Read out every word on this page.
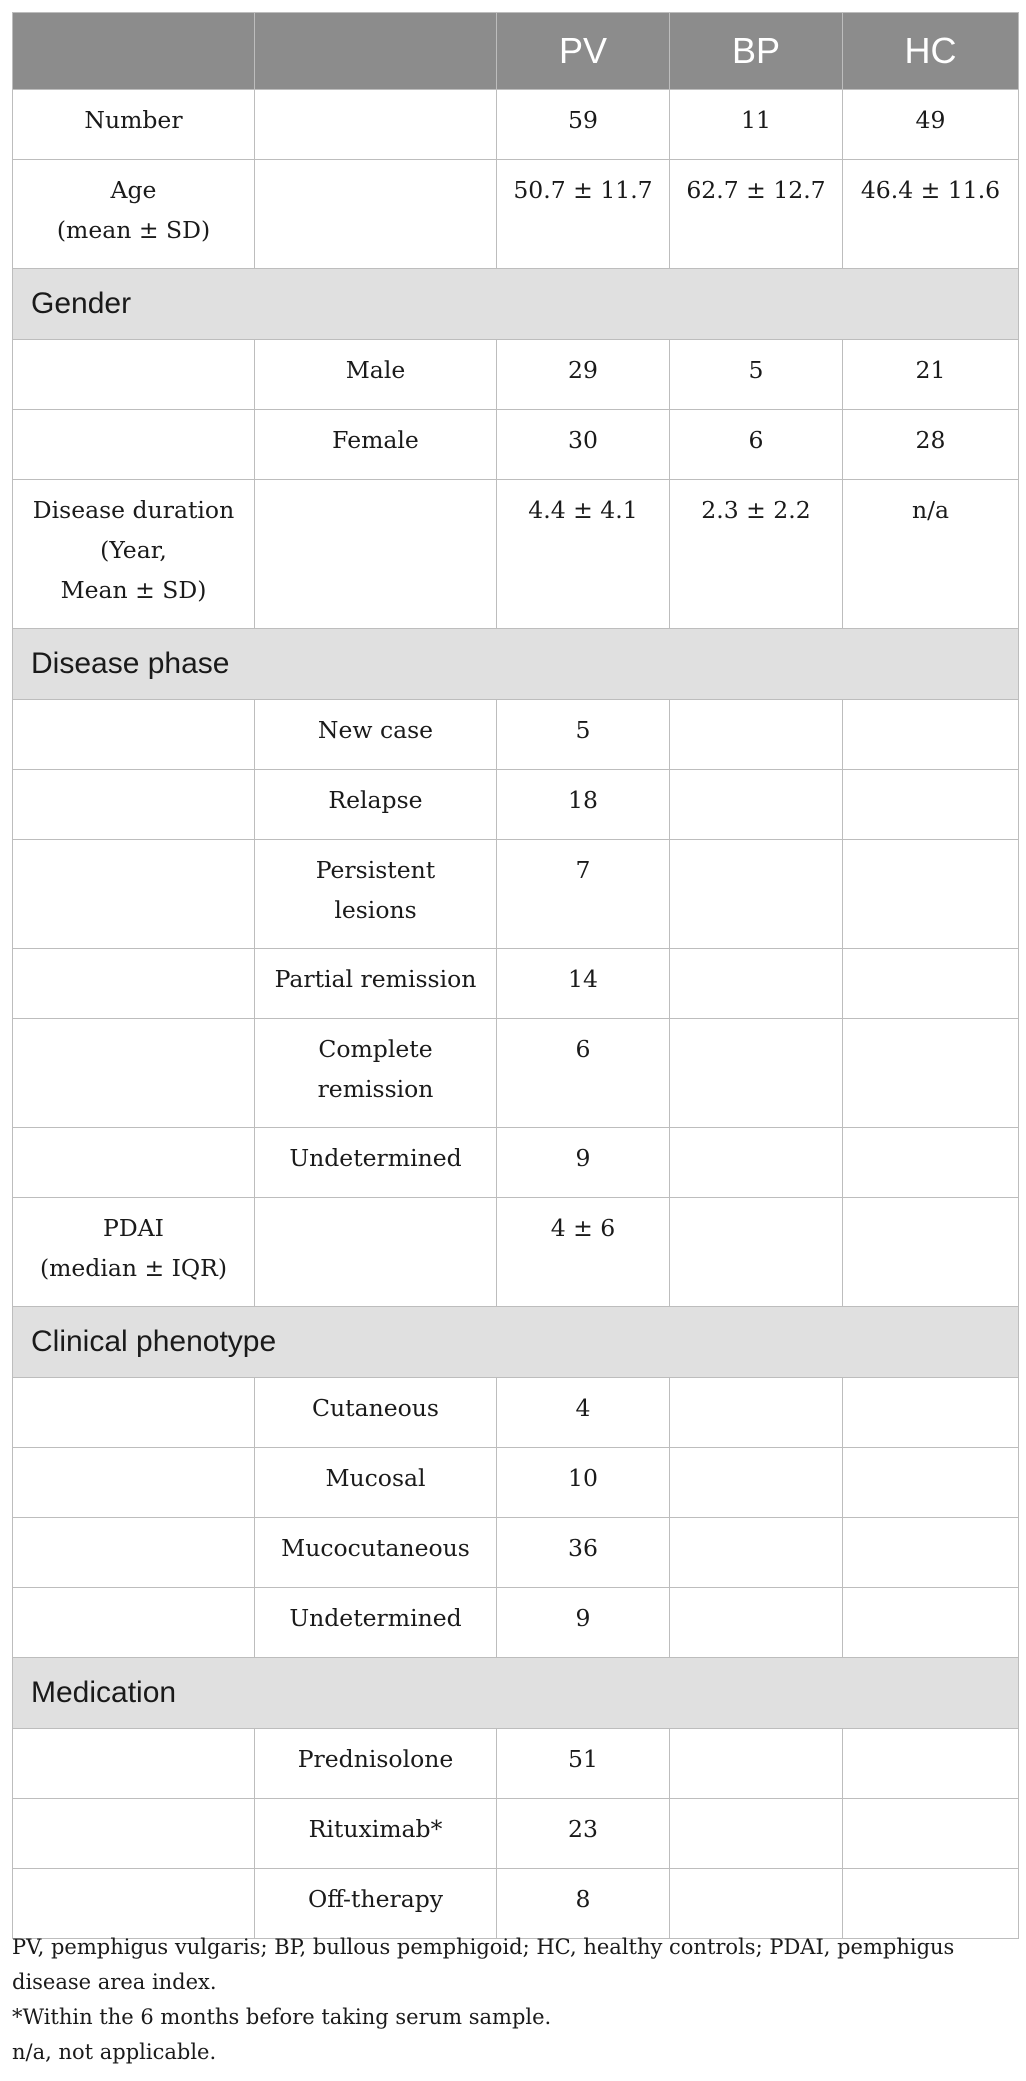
		PV	BP	HC
Number		59	11	49
Age
(mean ± SD)		50.7 ± 11.7	62.7 ± 12.7	46.4 ± 11.6
Gender				
	Male	29	5	21
	Female	30	6	28
Disease duration
(Year,
Mean ± SD)		4.4 ± 4.1	2.3 ± 2.2	n/a
Disease phase				
	New case	5		
	Relapse	18		
	Persistent
lesions	7		
	Partial remission	14		
	Complete
remission	6		
	Undetermined	9		
PDAI
(median ± IQR)		4 ± 6		
Clinical phenotype				
	Cutaneous	4		
	Mucosal	10		
	Mucocutaneous	36		
	Undetermined	9		
Medication				
	Prednisolone	51		
	Rituximab*	23		
	Off-therapy	8		

PV, pemphigus vulgaris; BP, bullous pemphigoid; HC, healthy controls; PDAI, pemphigus disease area index.

*Within the 6 months before taking serum sample.

n/a, not applicable.
